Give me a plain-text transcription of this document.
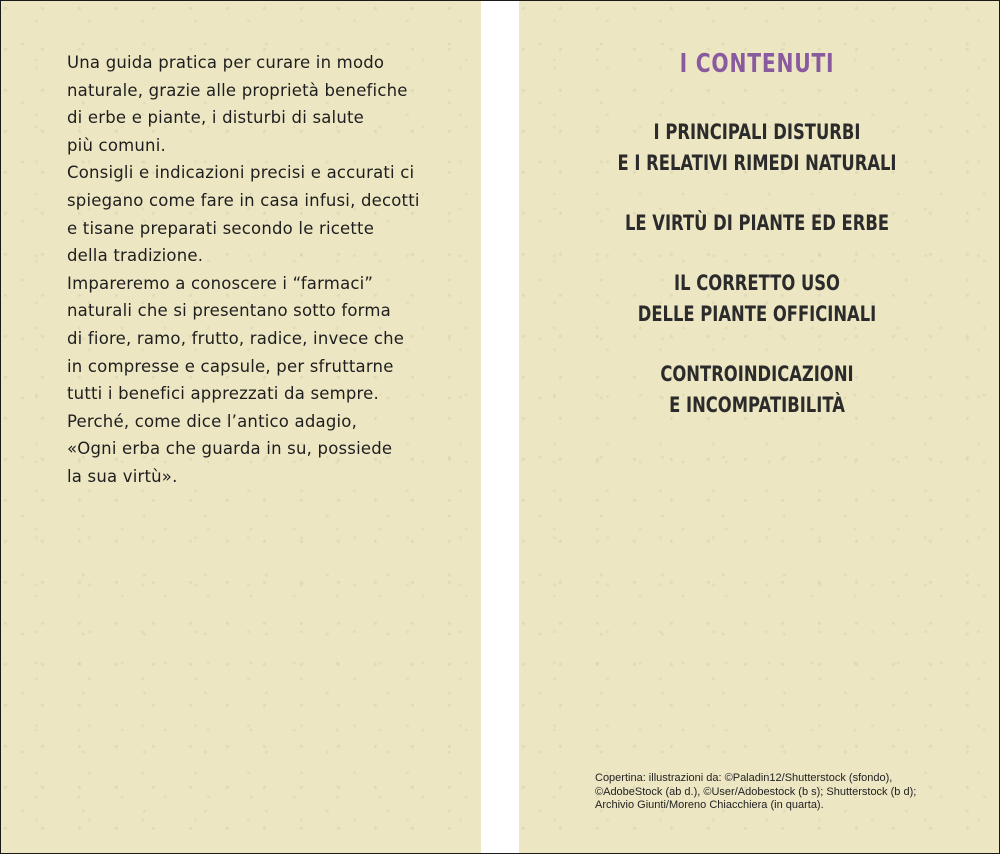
Una guida pratica per curare in modo
naturale, grazie alle proprietà benefiche
di erbe e piante, i disturbi di salute
più comuni.

Consigli e indicazioni precisi e accurati ci
spiegano come fare in casa infusi, decotti
e tisane preparati secondo le ricette
della tradizione.

Impareremo a conoscere i “farmaci”
naturali che si presentano sotto forma
di fiore, ramo, frutto, radice, invece che
in compresse e capsule, per sfruttarne
tutti i benefici apprezzati da sempre.
Perché, come dice l’antico adagio,
«Ogni erba che guarda in su, possiede
la sua virtù».

I CONTENUTI
I PRINCIPALI DISTURBI
E I RELATIVI RIMEDI NATURALI
LE VIRTÙ DI PIANTE ED ERBE
IL CORRETTO USO
DELLE PIANTE OFFICINALI
CONTROINDICAZIONI
E INCOMPATIBILITÀ
Copertina: illustrazioni da: ©Paladin12/Shutterstock (sfondo),
©AdobeStock (ab d.), ©User/Adobestock (b s); Shutterstock (b d);
Archivio Giunti/Moreno Chiacchiera (in quarta).
